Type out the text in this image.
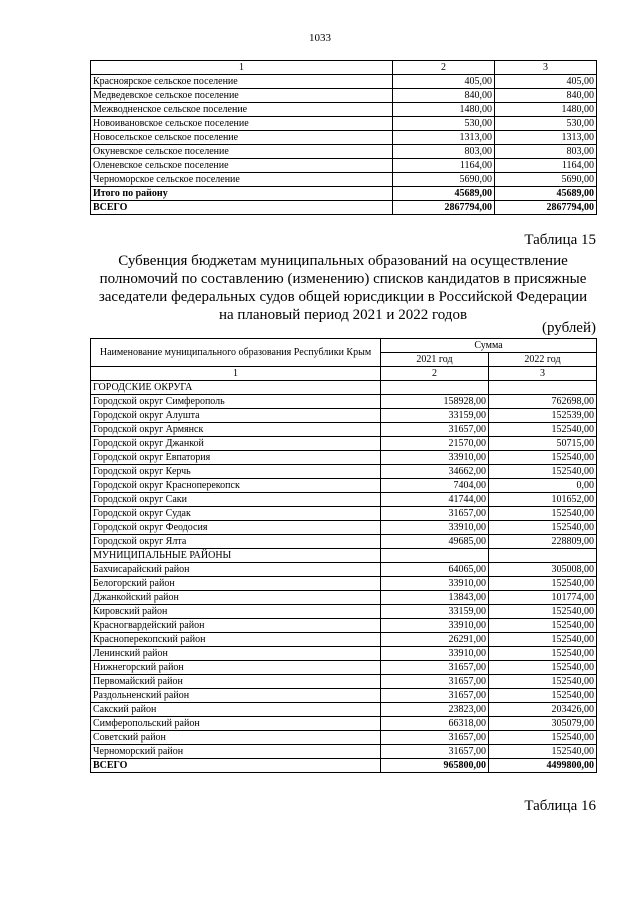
1033
1	2	3
Красноярское сельское поселение	405,00	405,00
Медведевское сельское поселение	840,00	840,00
Межводненское сельское поселение	1480,00	1480,00
Новоивановское сельское поселение	530,00	530,00
Новосельское сельское поселение	1313,00	1313,00
Окуневское сельское поселение	803,00	803,00
Оленевское сельское поселение	1164,00	1164,00
Черноморское сельское поселение	5690,00	5690,00
Итого по району	45689,00	45689,00
ВСЕГО	2867794,00	2867794,00
Таблица 15
Субвенция бюджетам муниципальных образований на осуществление полномочий по составлению (изменению) списков кандидатов в присяжные заседатели федеральных судов общей юрисдикции в Российской Федерации на плановый период 2021 и 2022 годов
(рублей)
Наименование муниципального образования Республики Крым	Сумма	
	2021 год	2022 год
1	2	3
ГОРОДСКИЕ ОКРУГА		
Городской округ Симферополь	158928,00	762698,00
Городской округ Алушта	33159,00	152539,00
Городской округ Армянск	31657,00	152540,00
Городской округ Джанкой	21570,00	50715,00
Городской округ Евпатория	33910,00	152540,00
Городской округ Керчь	34662,00	152540,00
Городской округ Красноперекопск	7404,00	0,00
Городской округ Саки	41744,00	101652,00
Городской округ Судак	31657,00	152540,00
Городской округ Феодосия	33910,00	152540,00
Городской округ Ялта	49685,00	228809,00
МУНИЦИПАЛЬНЫЕ РАЙОНЫ		
Бахчисарайский район	64065,00	305008,00
Белогорский район	33910,00	152540,00
Джанкойский район	13843,00	101774,00
Кировский район	33159,00	152540,00
Красногвардейский район	33910,00	152540,00
Красноперекопский район	26291,00	152540,00
Ленинский район	33910,00	152540,00
Нижнегорский район	31657,00	152540,00
Первомайский район	31657,00	152540,00
Раздольненский район	31657,00	152540,00
Сакский район	23823,00	203426,00
Симферопольский район	66318,00	305079,00
Советский район	31657,00	152540,00
Черноморский район	31657,00	152540,00
ВСЕГО	965800,00	4499800,00
Таблица 16
